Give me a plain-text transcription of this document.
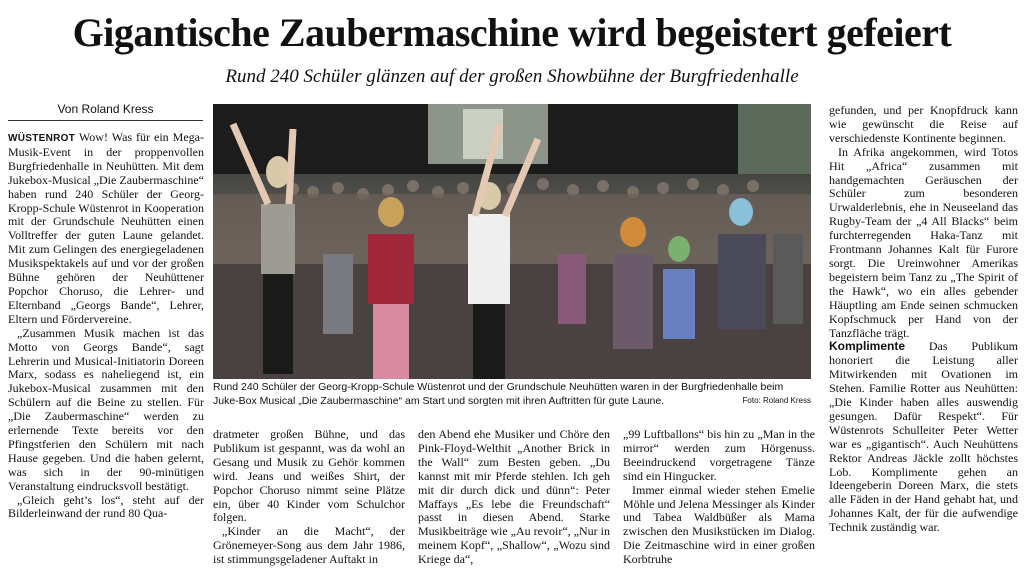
Gigantische Zaubermaschine wird begeistert gefeiert
Rund 240 Schüler glänzen auf der großen Showbühne der Burgfriedenhalle
Von Roland Kress

WÜSTENROT Wow! Was für ein Mega-Musik-Event in der proppenvollen Burgfriedenhalle in Neuhütten. Mit dem Jukebox-Musical „Die Zaubermaschine“ haben rund 240 Schüler der Georg-Kropp-Schule Wüstenrot in Kooperation mit der Grundschule Neuhütten einen Volltreffer der guten Laune gelandet. Mit zum Gelingen des energiegeladenen Musikspektakels auf und vor der großen Bühne gehören der Neuhüttener Popchor Choruso, die Lehrer- und Elternband „Georgs Bande“, Lehrer, Eltern und Fördervereine.

„Zusammen Musik machen ist das Motto von Georgs Bande“, sagt Lehrerin und Musical-Initiatorin Doreen Marx, sodass es naheliegend ist, ein Jukebox-Musical zusammen mit den Schülern auf die Beine zu stellen. Für „Die Zaubermaschine“ werden zu erlernende Texte bereits vor den Pfingstferien den Schülern mit nach Hause gegeben. Und die haben gelernt, was sich in der 90-minütigen Veranstaltung eindrucksvoll bestätigt.

„Gleich geht’s los“, steht auf der Bilderleinwand der rund 80 Qua-

Rund 240 Schüler der Georg-Kropp-Schule Wüstenrot und der Grundschule Neuhütten waren in der Burgfriedenhalle beim Juke-Box Musical „Die Zaubermaschine“ am Start und sorgten mit ihren Auftritten für gute Laune.	Foto: Roland Kress

dratmeter großen Bühne, und das Publikum ist gespannt, was da wohl an Gesang und Musik zu Gehör kommen wird. Jeans und weißes Shirt, der Popchor Choruso nimmt seine Plätze ein, über 40 Kinder vom Schulchor folgen.

„Kinder an die Macht“, der Grönemeyer-Song aus dem Jahr 1986, ist stimmungsgeladener Auftakt in

den Abend ehe Musiker und Chöre den Pink-Floyd-Welthit „Another Brick in the Wall“ zum Besten geben. „Du kannst mit mir Pferde stehlen. Ich geh mit dir durch dick und dünn“: Peter Maffays „Es lebe die Freundschaft“ passt in diesen Abend. Starke Musikbeiträge wie „Au revoir“, „Nur in meinem Kopf“, „Shallow“, „Wozu sind Kriege da“,

„99 Luftballons“ bis hin zu „Man in the mirror“ werden zum Hörgenuss. Beeindruckend vorgetragene Tänze sind ein Hingucker.

Immer einmal wieder stehen Emelie Möhle und Jelena Messinger als Kinder und Tabea Waldbüßer als Mama zwischen den Musikstücken im Dialog. Die Zeitmaschine wird in einer großen Korbtruhe

gefunden, und per Knopfdruck kann wie gewünscht die Reise auf verschiedenste Kontinente beginnen.

In Afrika angekommen, wird Totos Hit „Africa“ zusammen mit handgemachten Geräuschen der Schüler zum besonderen Urwalderlebnis, ehe in Neuseeland das Rugby-Team der „4 All Blacks“ beim furchterregenden Haka-Tanz mit Frontmann Johannes Kalt für Furore sorgt. Die Ureinwohner Amerikas begeistern beim Tanz zu „The Spirit of the Hawk“, wo ein alles gebender Häuptling am Ende seinen schmucken Kopfschmuck per Hand von der Tanzfläche trägt.

Komplimente Das Publikum honoriert die Leistung aller Mitwirkenden mit Ovationen im Stehen. Familie Rotter aus Neuhütten: „Die Kinder haben alles auswendig gesungen. Dafür Respekt“. Für Wüstenrots Schulleiter Peter Wetter war es „gigantisch“. Auch Neuhüttens Rektor Andreas Jäckle zollt höchstes Lob. Komplimente gehen an Ideengeberin Doreen Marx, die stets alle Fäden in der Hand gehabt hat, und Johannes Kalt, der für die aufwendige Technik zuständig war.
